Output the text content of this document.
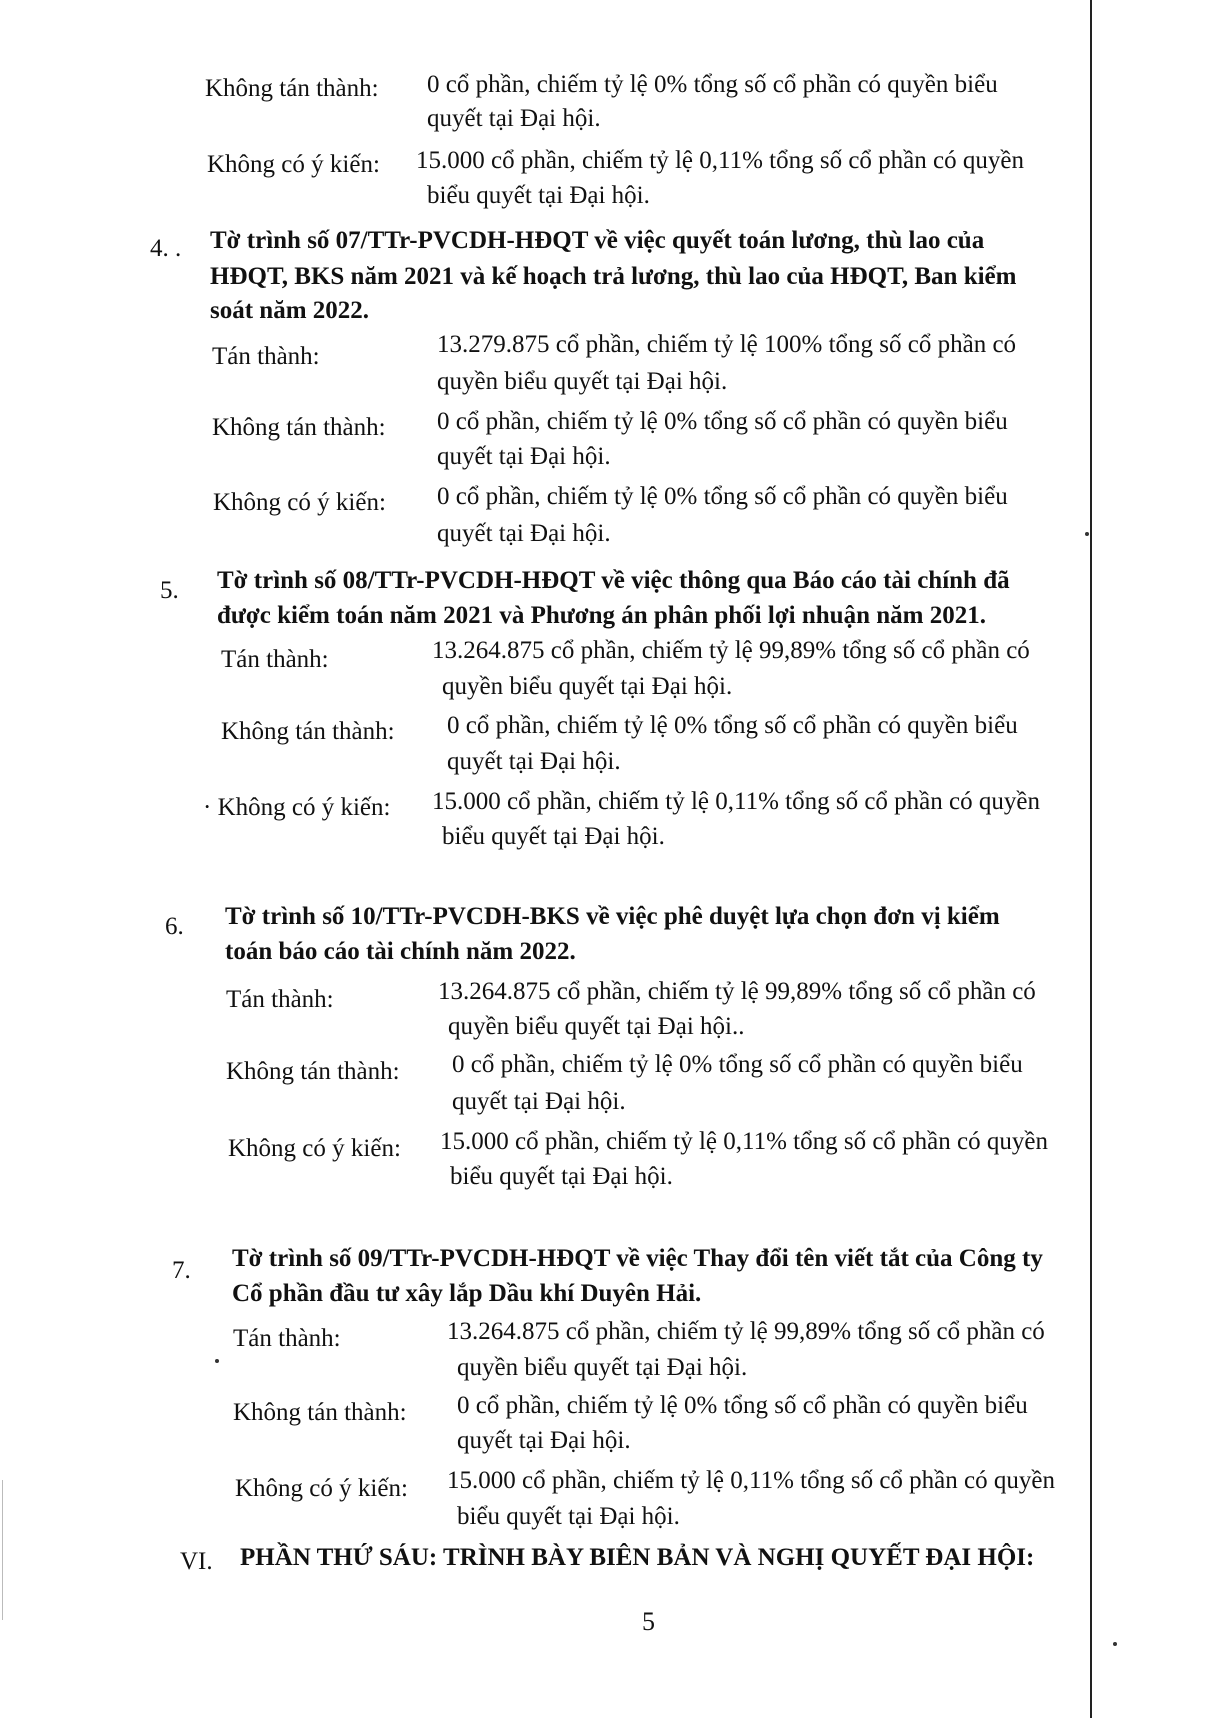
Không tán thành: 0 cổ phần, chiếm tỷ lệ 0% tổng số cổ phần có quyền biểu
quyết tại Đại hội.
Không có ý kiến: 15.000 cổ phần, chiếm tỷ lệ 0,11% tổng số cổ phần có quyền
biểu quyết tại Đại hội.
4. . Tờ trình số 07/TTr-PVCDH-HĐQT về việc quyết toán lương, thù lao của
HĐQT, BKS năm 2021 và kế hoạch trả lương, thù lao của HĐQT, Ban kiểm
soát năm 2022.
Tán thành:	13.279.875 cổ phần, chiếm tỷ lệ 100% tổng số cổ phần có
quyền biểu quyết tại Đại hội.
Không tán thành: 0 cổ phần, chiếm tỷ lệ 0% tổng số cổ phần có quyền biểu
quyết tại Đại hội.
Không có ý kiến: 0 cổ phần, chiếm tỷ lệ 0% tổng số cổ phần có quyền biểu
quyết tại Đại hội.
5. Tờ trình số 08/TTr-PVCDH-HĐQT về việc thông qua Báo cáo tài chính đã
được kiểm toán năm 2021 và Phương án phân phối lợi nhuận năm 2021.
Tán thành:	13.264.875 cổ phần, chiếm tỷ lệ 99,89% tổng số cổ phần có
quyền biểu quyết tại Đại hội.
Không tán thành: 0 cổ phần, chiếm tỷ lệ 0% tổng số cổ phần có quyền biểu
quyết tại Đại hội.
· Không có ý kiến: 15.000 cổ phần, chiếm tỷ lệ 0,11% tổng số cổ phần có quyền
biểu quyết tại Đại hội.
6. Tờ trình số 10/TTr-PVCDH-BKS về việc phê duyệt lựa chọn đơn vị kiểm
toán báo cáo tài chính năm 2022.
Tán thành:	13.264.875 cổ phần, chiếm tỷ lệ 99,89% tổng số cổ phần có
quyền biểu quyết tại Đại hội..
Không tán thành: 0 cổ phần, chiếm tỷ lệ 0% tổng số cổ phần có quyền biểu
quyết tại Đại hội.
Không có ý kiến: 15.000 cổ phần, chiếm tỷ lệ 0,11% tổng số cổ phần có quyền
biểu quyết tại Đại hội.
7. Tờ trình số 09/TTr-PVCDH-HĐQT về việc Thay đổi tên viết tắt của Công ty
Cổ phần đầu tư xây lắp Dầu khí Duyên Hải.
Tán thành:	13.264.875 cổ phần, chiếm tỷ lệ 99,89% tổng số cổ phần có
quyền biểu quyết tại Đại hội.
Không tán thành: 0 cổ phần, chiếm tỷ lệ 0% tổng số cổ phần có quyền biểu
quyết tại Đại hội.
Không có ý kiến: 15.000 cổ phần, chiếm tỷ lệ 0,11% tổng số cổ phần có quyền
biểu quyết tại Đại hội.
VI. PHẦN THỨ SÁU: TRÌNH BÀY BIÊN BẢN VÀ NGHỊ QUYẾT ĐẠI HỘI:
5
